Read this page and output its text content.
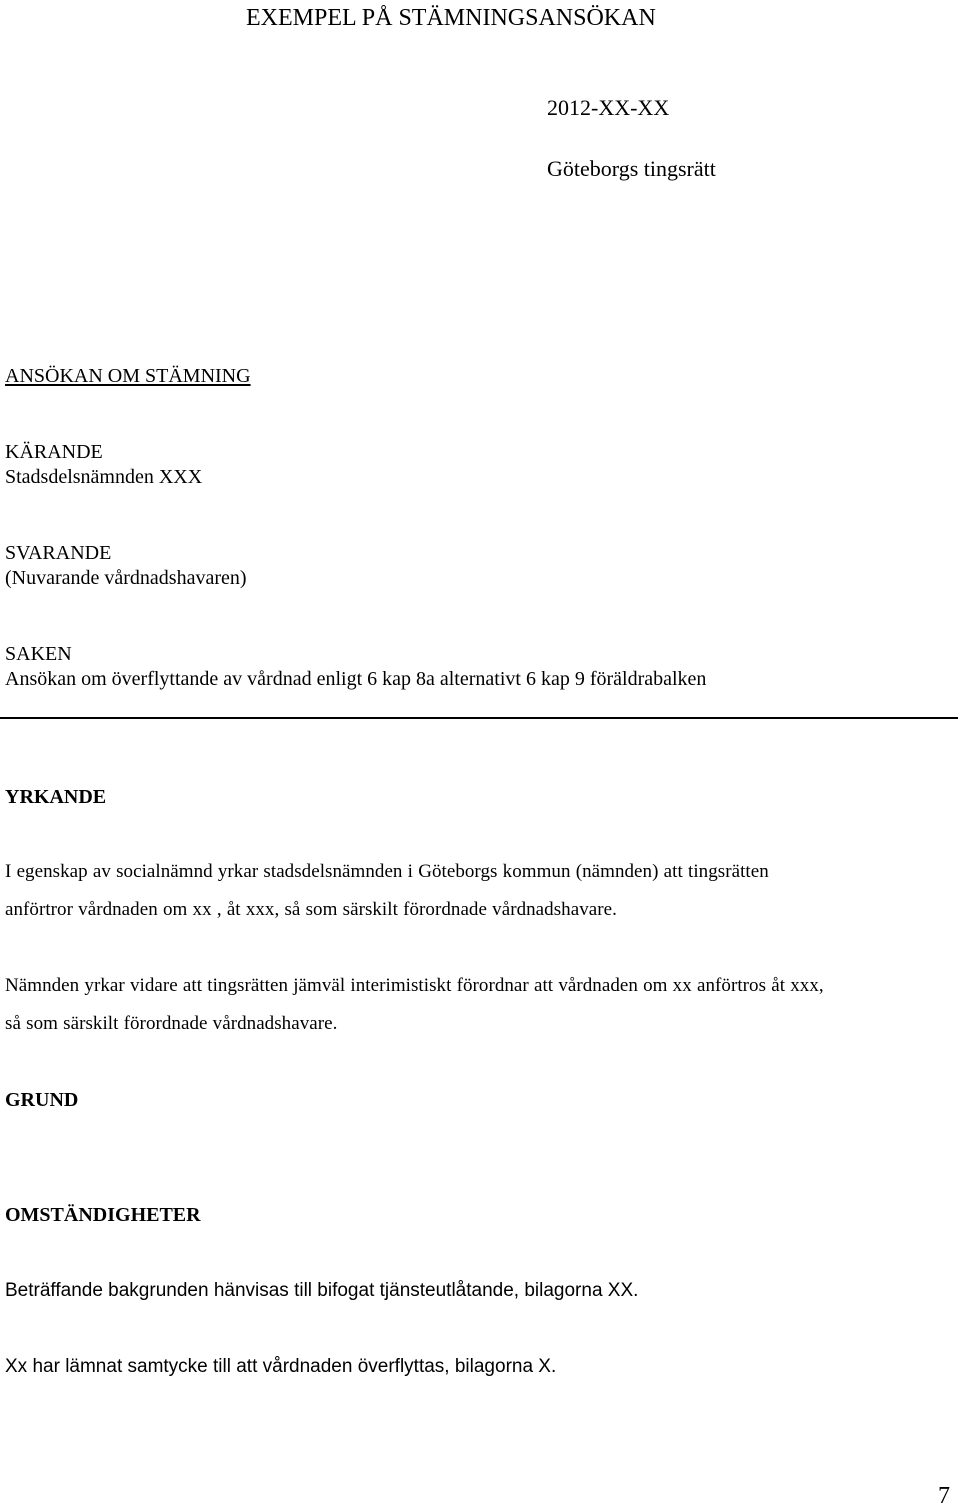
EXEMPEL PÅ STÄMNINGSANSÖKAN
2012-XX-XX
Göteborgs tingsrätt
ANSÖKAN OM STÄMNING
KÄRANDE
Stadsdelsnämnden XXX
SVARANDE
(Nuvarande vårdnadshavaren)
SAKEN
Ansökan om överflyttande av vårdnad enligt 6 kap 8a alternativt 6 kap 9 föräldrabalken
YRKANDE
I egenskap av socialnämnd yrkar stadsdelsnämnden i Göteborgs kommun (nämnden) att tingsrätten
anförtror vårdnaden om xx , åt xxx, så som särskilt förordnade vårdnadshavare.
Nämnden yrkar vidare att tingsrätten jämväl interimistiskt förordnar att vårdnaden om xx anförtros åt xxx,
så som särskilt förordnade vårdnadshavare.
GRUND
OMSTÄNDIGHETER
Beträffande bakgrunden hänvisas till bifogat tjänsteutlåtande, bilagorna XX.
Xx har lämnat samtycke till att vårdnaden överflyttas, bilagorna X.
7
